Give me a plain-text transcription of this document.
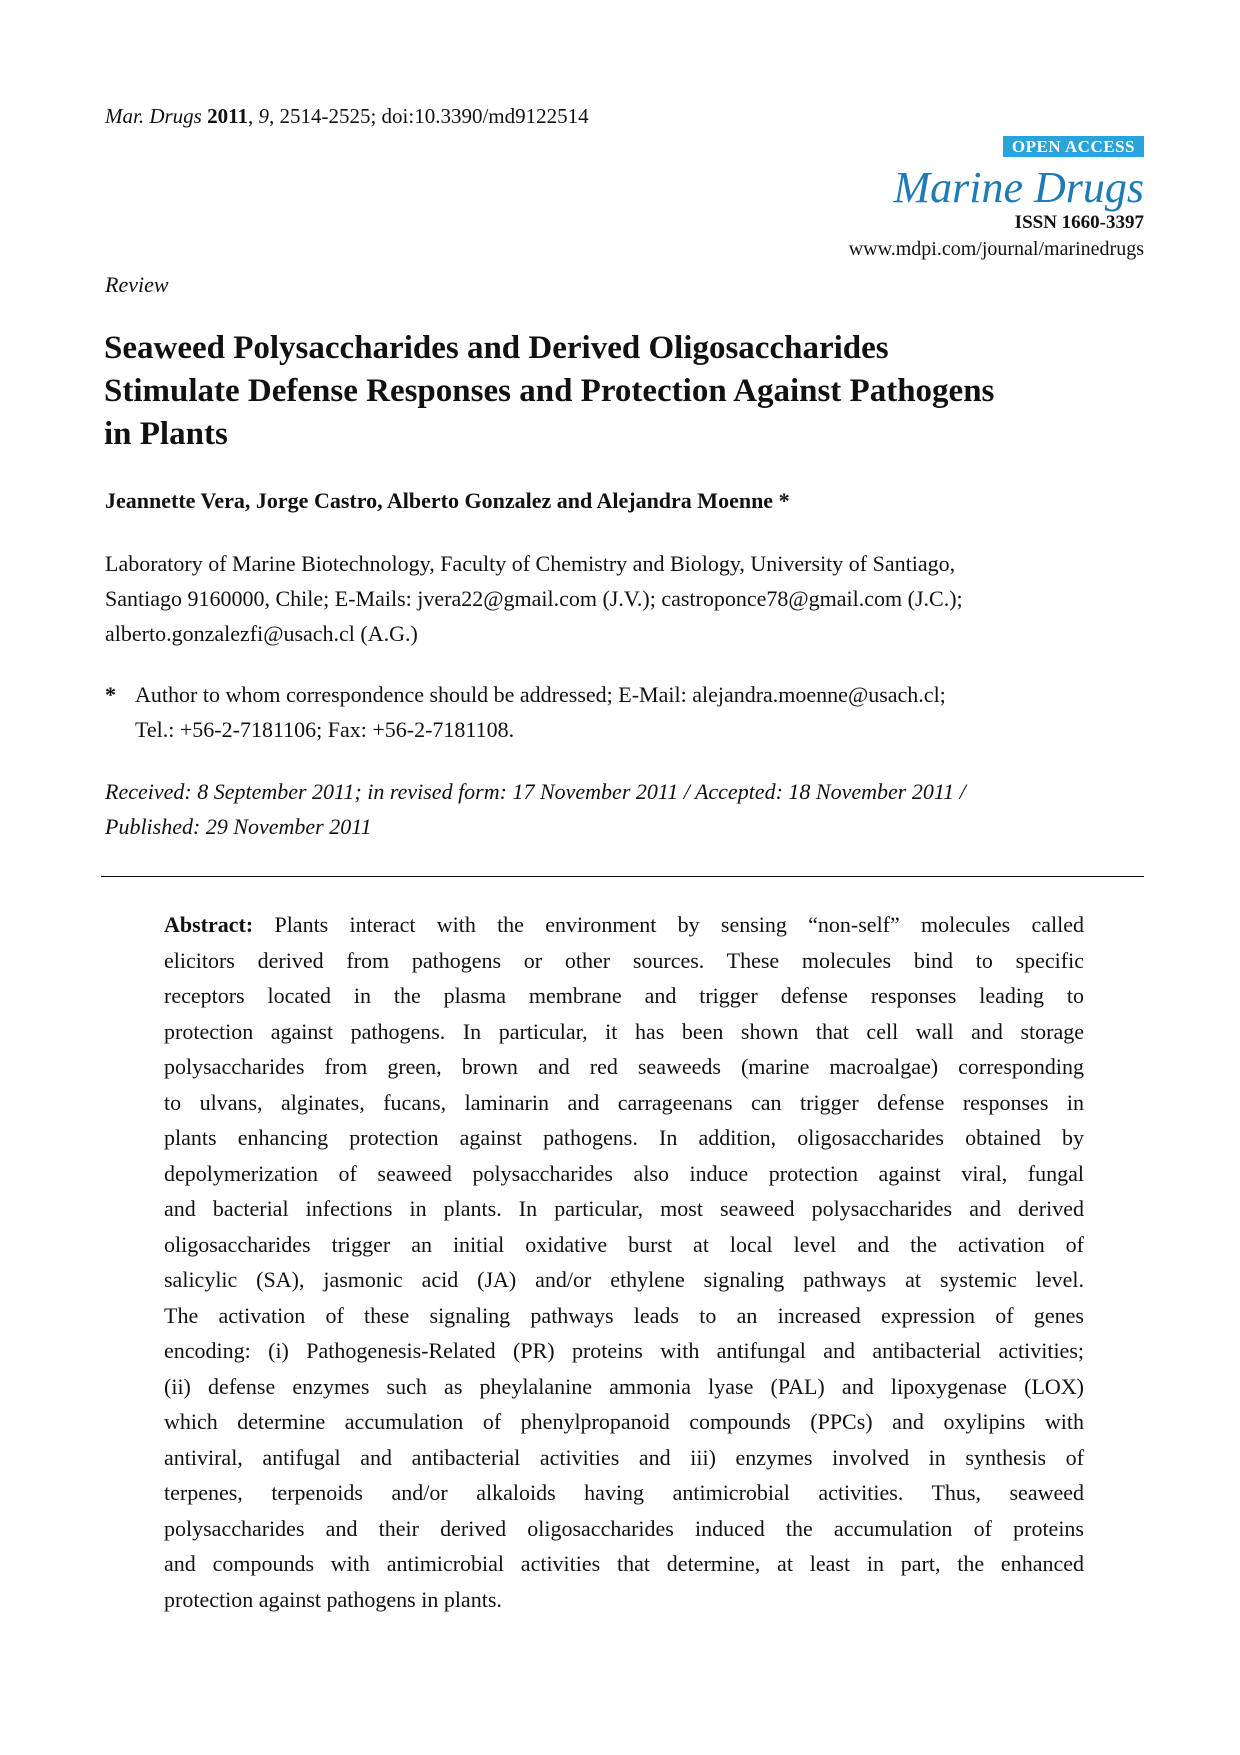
Mar. Drugs 2011, 9, 2514-2525; doi:10.3390/md9122514
OPEN ACCESS
Marine Drugs
ISSN 1660-3397
www.mdpi.com/journal/marinedrugs
Review
Seaweed Polysaccharides and Derived Oligosaccharides
Stimulate Defense Responses and Protection Against Pathogens
in Plants
Jeannette Vera, Jorge Castro, Alberto Gonzalez and Alejandra Moenne *
Laboratory of Marine Biotechnology, Faculty of Chemistry and Biology, University of Santiago,
Santiago 9160000, Chile; E-Mails: jvera22@gmail.com (J.V.); castroponce78@gmail.com (J.C.);
alberto.gonzalezfi@usach.cl (A.G.)
* Author to whom correspondence should be addressed; E-Mail: alejandra.moenne@usach.cl;
Tel.: +56-2-7181106; Fax: +56-2-7181108.
Received: 8 September 2011; in revised form: 17 November 2011 / Accepted: 18 November 2011 /
Published: 29 November 2011
Abstract: Plants interact with the environment by sensing “non-self” molecules called
elicitors derived from pathogens or other sources. These molecules bind to specific
receptors located in the plasma membrane and trigger defense responses leading to
protection against pathogens. In particular, it has been shown that cell wall and storage
polysaccharides from green, brown and red seaweeds (marine macroalgae) corresponding
to ulvans, alginates, fucans, laminarin and carrageenans can trigger defense responses in
plants enhancing protection against pathogens. In addition, oligosaccharides obtained by
depolymerization of seaweed polysaccharides also induce protection against viral, fungal
and bacterial infections in plants. In particular, most seaweed polysaccharides and derived
oligosaccharides trigger an initial oxidative burst at local level and the activation of
salicylic (SA), jasmonic acid (JA) and/or ethylene signaling pathways at systemic level.
The activation of these signaling pathways leads to an increased expression of genes
encoding: (i) Pathogenesis-Related (PR) proteins with antifungal and antibacterial activities;
(ii) defense enzymes such as pheylalanine ammonia lyase (PAL) and lipoxygenase (LOX)
which determine accumulation of phenylpropanoid compounds (PPCs) and oxylipins with
antiviral, antifugal and antibacterial activities and iii) enzymes involved in synthesis of
terpenes, terpenoids and/or alkaloids having antimicrobial activities. Thus, seaweed
polysaccharides and their derived oligosaccharides induced the accumulation of proteins
and compounds with antimicrobial activities that determine, at least in part, the enhanced
protection against pathogens in plants.
